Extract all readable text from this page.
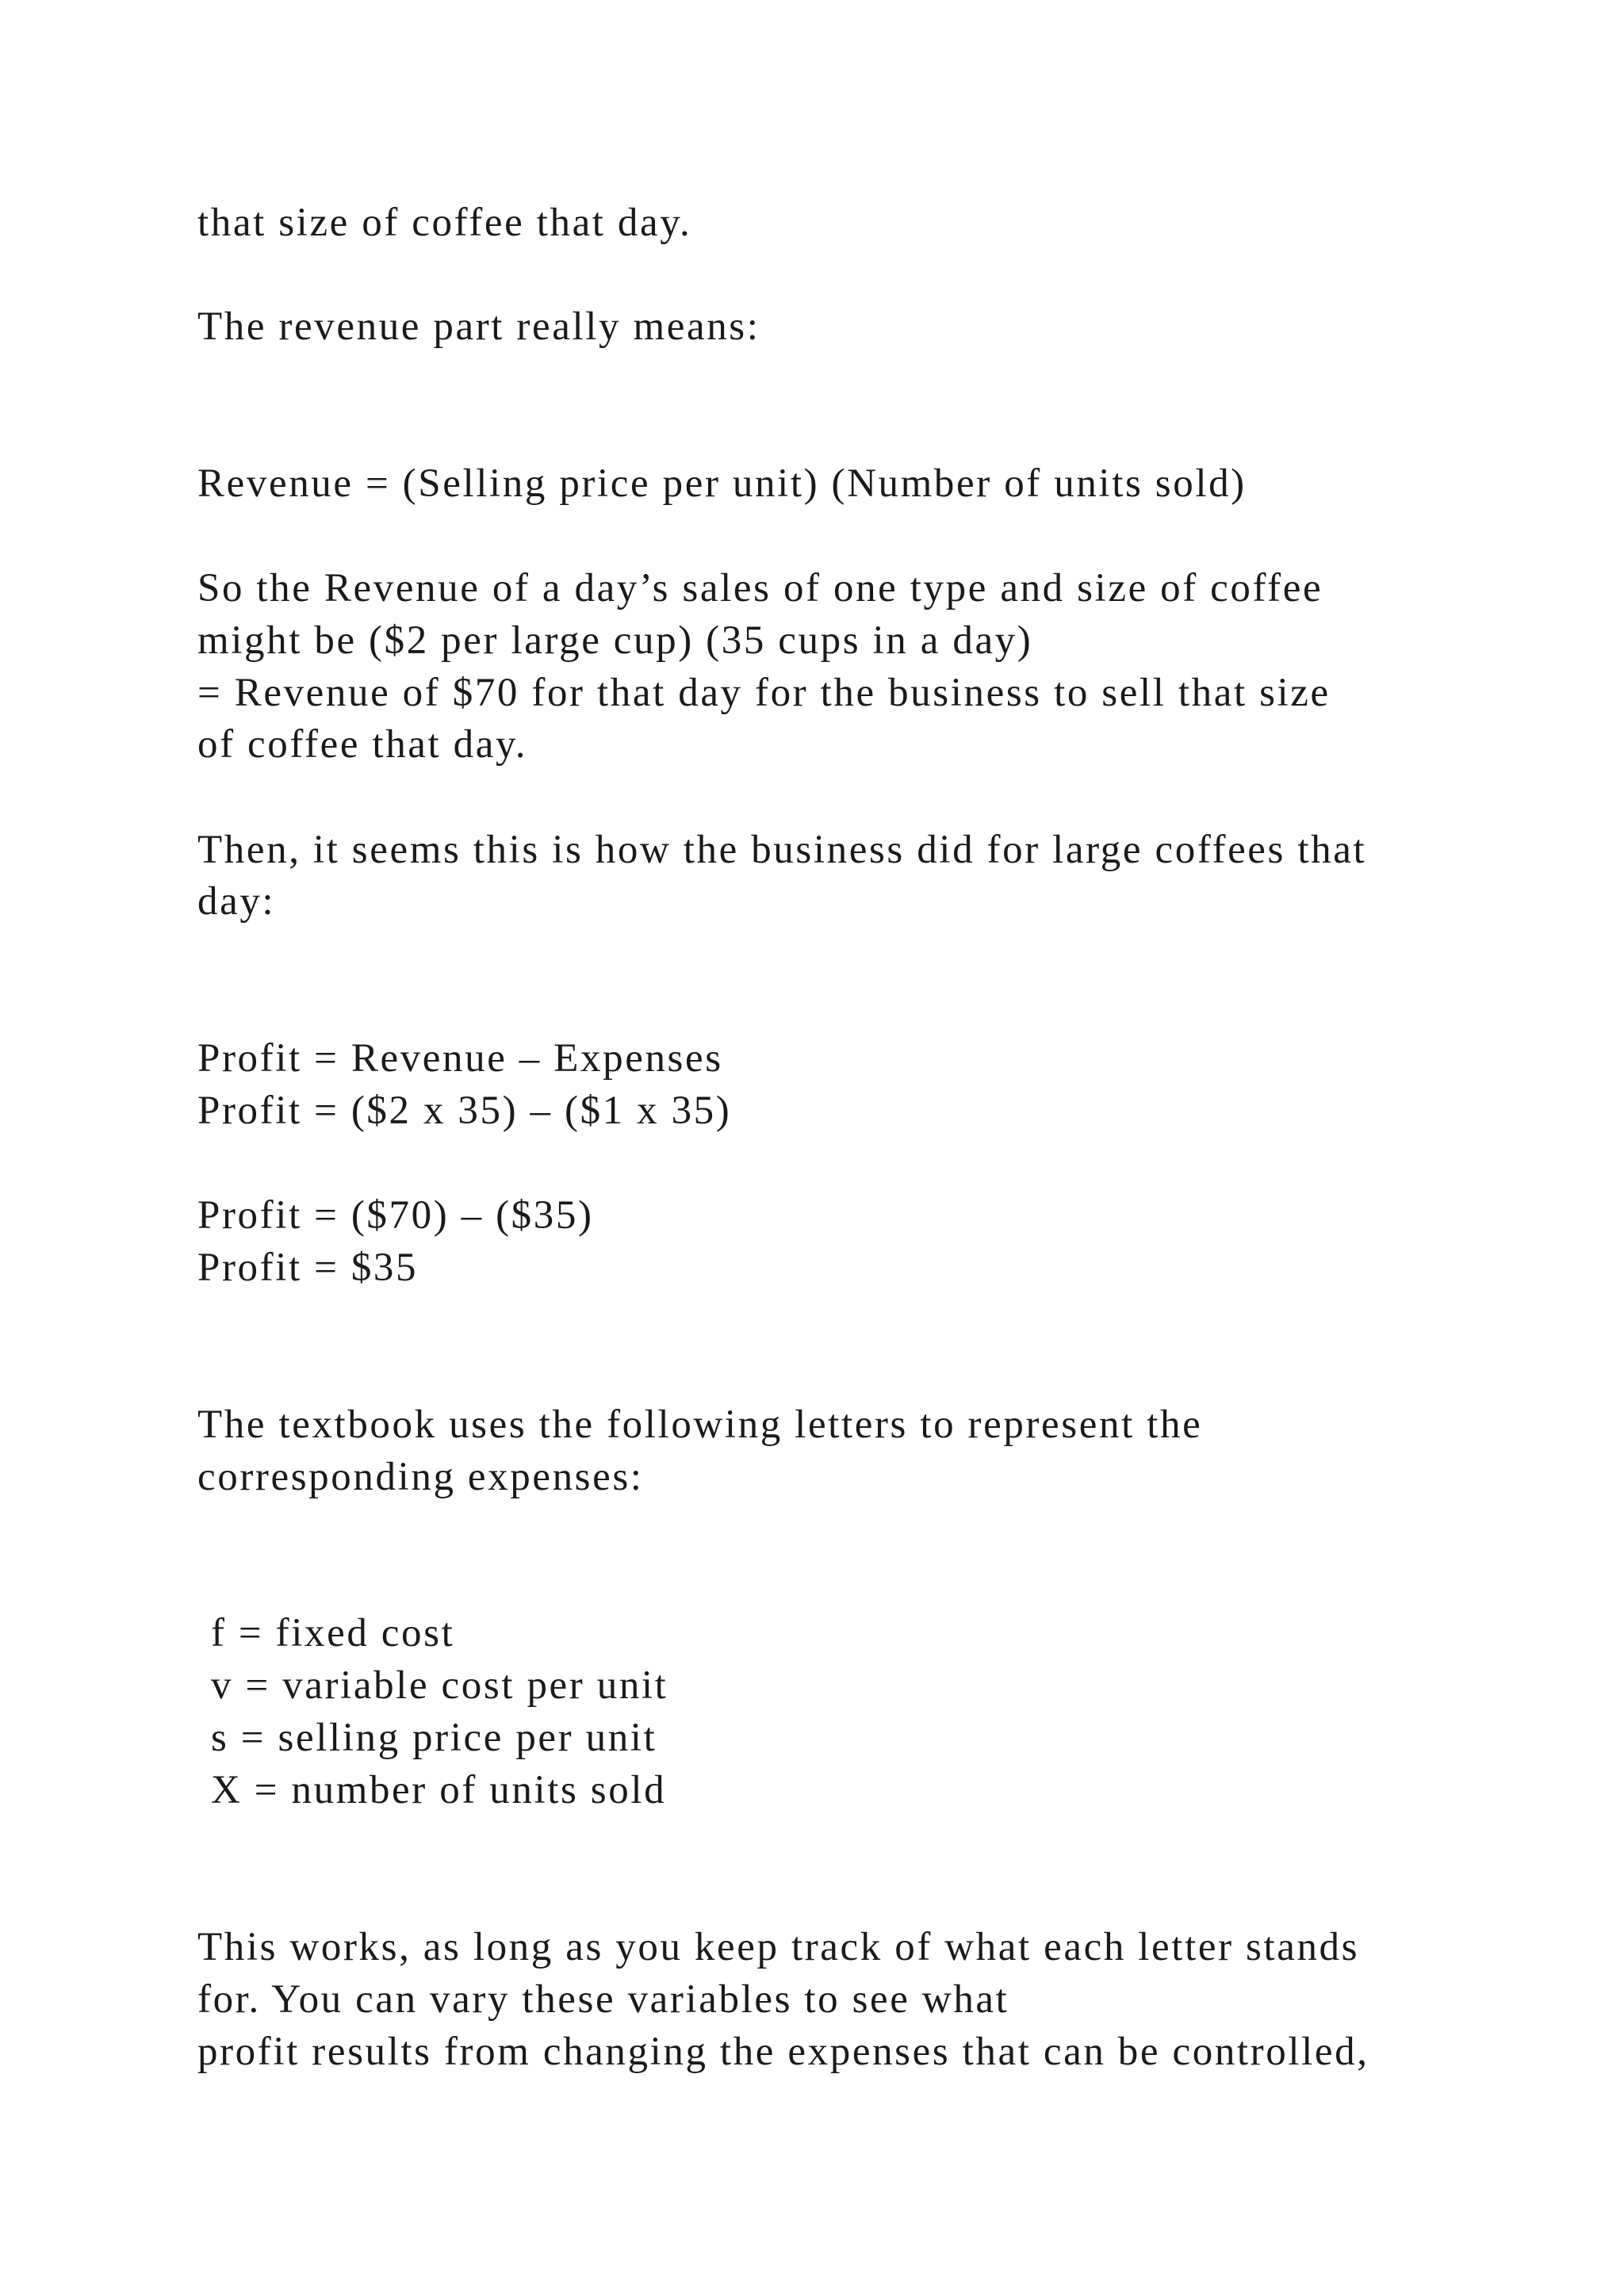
that size of coffee that day.

The revenue part really means:

Revenue = (Selling price per unit) (Number of units sold)

So the Revenue of a day’s sales of one type and size of coffee

might be ($2 per large cup) (35 cups in a day)

= Revenue of $70 for that day for the business to sell that size

of coffee that day.

Then, it seems this is how the business did for large coffees that

day:

Profit = Revenue – Expenses

Profit = ($2 x 35) – ($1 x 35)

Profit = ($70) – ($35)

Profit = $35

The textbook uses the following letters to represent the

corresponding expenses:

f = fixed cost

v = variable cost per unit

s = selling price per unit

X = number of units sold

This works, as long as you keep track of what each letter stands

for. You can vary these variables to see what

profit results from changing the expenses that can be controlled,
